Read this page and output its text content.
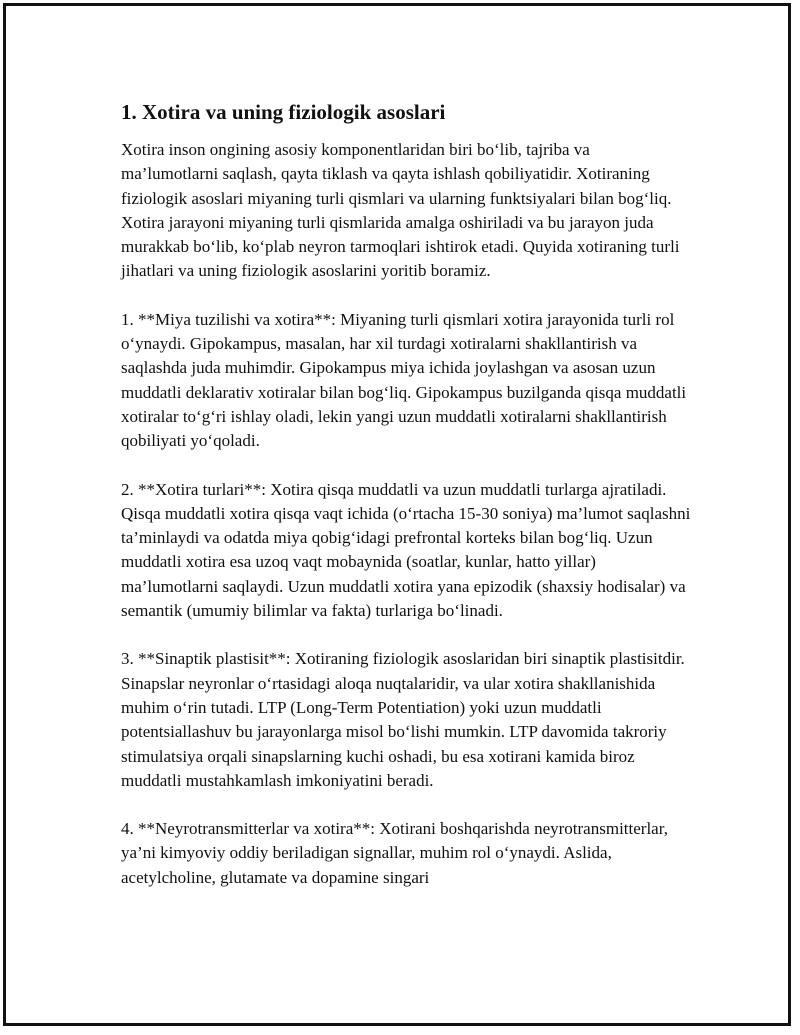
1. Xotira va uning fiziologik asoslari

Xotira inson ongining asosiy komponentlaridan biri bo‘lib, tajriba va ma’lumotlarni saqlash, qayta tiklash va qayta ishlash qobiliyatidir. Xotiraning fiziologik asoslari miyaning turli qismlari va ularning funktsiyalari bilan bog‘liq. Xotira jarayoni miyaning turli qismlarida amalga oshiriladi va bu jarayon juda murakkab bo‘lib, ko‘plab neyron tarmoqlari ishtirok etadi. Quyida xotiraning turli jihatlari va uning fiziologik asoslarini yoritib boramiz.

1. **Miya tuzilishi va xotira**: Miyaning turli qismlari xotira jarayonida turli rol o‘ynaydi. Gipokampus, masalan, har xil turdagi xotiralarni shakllantirish va saqlashda juda muhimdir. Gipokampus miya ichida joylashgan va asosan uzun muddatli deklarativ xotiralar bilan bog‘liq. Gipokampus buzilganda qisqa muddatli xotiralar to‘g‘ri ishlay oladi, lekin yangi uzun muddatli xotiralarni shakllantirish qobiliyati yo‘qoladi.

2. **Xotira turlari**: Xotira qisqa muddatli va uzun muddatli turlarga ajratiladi. Qisqa muddatli xotira qisqa vaqt ichida (o‘rtacha 15-30 soniya) ma’lumot saqlashni ta’minlaydi va odatda miya qobig‘idagi prefrontal korteks bilan bog‘liq. Uzun muddatli xotira esa uzoq vaqt mobaynida (soatlar, kunlar, hatto yillar) ma’lumotlarni saqlaydi. Uzun muddatli xotira yana epizodik (shaxsiy hodisalar) va semantik (umumiy bilimlar va fakta) turlariga bo‘linadi.

3. **Sinaptik plastisit**: Xotiraning fiziologik asoslaridan biri sinaptik plastisitdir. Sinapslar neyronlar o‘rtasidagi aloqa nuqtalaridir, va ular xotira shakllanishida muhim o‘rin tutadi. LTP (Long-Term Potentiation) yoki uzun muddatli potentsiallashuv bu jarayonlarga misol bo‘lishi mumkin. LTP davomida takroriy stimulatsiya orqali sinapslarning kuchi oshadi, bu esa xotirani kamida biroz muddatli mustahkamlash imkoniyatini beradi.

4. **Neyrotransmitterlar va xotira**: Xotirani boshqarishda neyrotransmitterlar, ya’ni kimyoviy oddiy beriladigan signallar, muhim rol o‘ynaydi. Aslida, acetylcholine, glutamate va dopamine singari
